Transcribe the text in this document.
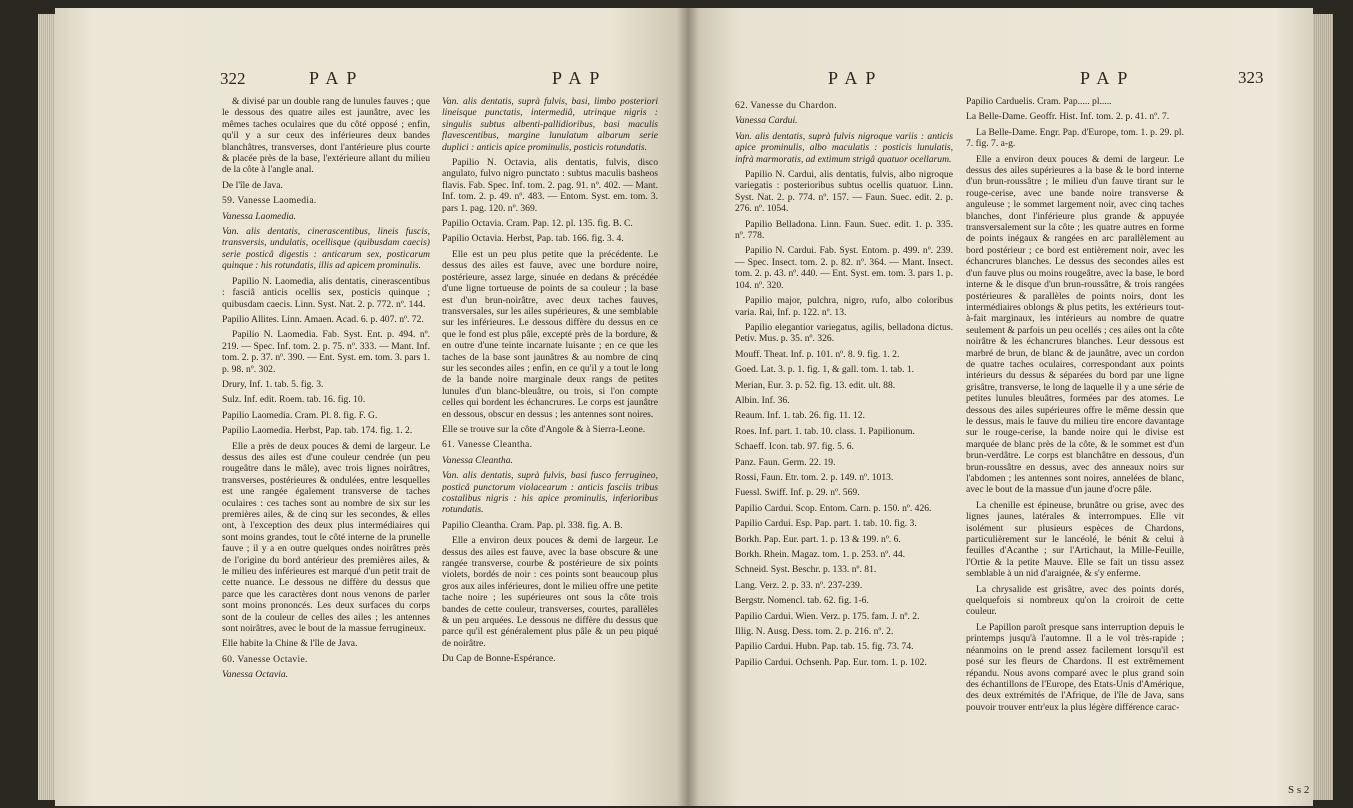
322	PAP	PAP

& divisé par un double rang de lunules fauves ; que le dessous des quatre ailes est jaunâtre, avec les mêmes taches oculaires que du côté opposé ; enfin, qu'il y a sur ceux des inférieures deux bandes blanchâtres, transverses, dont l'antérieure plus courte & placée près de la base, l'extérieure allant du milieu de la côte à l'angle anal.

De l'île de Java.

59. Vanesse Laomedia.

Vanessa Laomedia.

Van. alis dentatis, cinerascentibus, lineis fuscis, transversis, undulatis, ocellisque (quibusdam caecis) serie posticâ digestis : anticarum sex, posticarum quinque : his rotundatis, illis ad apicem prominulis.

Papilio N. Laomedia, alis dentatis, cinerascentibus : fasciâ anticis ocellis sex, posticis quinque ; quibusdam caecis. Linn. Syst. Nat. 2. p. 772. nº. 144.

Papilio Allites. Linn. Amaen. Acad. 6. p. 407. nº. 72.

Papilio N. Laomedia. Fab. Syst. Ent. p. 494. nº. 219. — Spec. Inf. tom. 2. p. 75. nº. 333. — Mant. Inf. tom. 2. p. 37. nº. 390. — Ent. Syst. em. tom. 3. pars 1. p. 98. nº. 302.

Drury, Inf. 1. tab. 5. fig. 3.

Sulz. Inf. edit. Roem. tab. 16. fig. 10.

Papilio Laomedia. Cram. Pl. 8. fig. F. G.

Papilio Laomedia. Herbst, Pap. tab. 174. fig. 1. 2.

Elle a près de deux pouces & demi de largeur. Le dessus des ailes est d'une couleur cendrée (un peu rougeâtre dans le mâle), avec trois lignes noirâtres, transverses, postérieures & ondulées, entre lesquelles est une rangée également transverse de taches oculaires : ces taches sont au nombre de six sur les premières ailes, & de cinq sur les secondes, & elles ont, à l'exception des deux plus intermédiaires qui sont moins grandes, tout le côté interne de la prunelle fauve ; il y a en outre quelques ondes noirâtres près de l'origine du bord antérieur des premières ailes, & le milieu des inférieures est marqué d'un petit trait de cette nuance. Le dessous ne diffère du dessus que parce que les caractères dont nous venons de parler sont moins prononcés. Les deux surfaces du corps sont de la couleur de celles des ailes ; les antennes sont noirâtres, avec le bout de la massue ferrugineux.

Elle habite la Chine & l'île de Java.

60. Vanesse Octavie.

Vanessa Octavia.

Van. alis dentatis, suprà fulvis, basi, limbo posteriori lineisque punctatis, intermediâ, utrinque nigris : singulis subtus albenti-pallidioribus, basi maculis flavescentibus, margine lunulatum albarum serie duplici : anticis apice prominulis, posticis rotundatis.

Papilio N. Octavia, alis dentatis, fulvis, disco angulato, fulvo nigro punctato : subtus maculis basheos flavis. Fab. Spec. Inf. tom. 2. pag. 91. nº. 402. — Mant. Inf. tom. 2. p. 49. nº. 483. — Entom. Syst. em. tom. 3. pars 1. pag. 120. nº. 369.

Papilio Octavia. Cram. Pap. 12. pl. 135. fig. B. C.

Papilio Octavia. Herbst, Pap. tab. 166. fig. 3. 4.

Elle est un peu plus petite que la précédente. Le dessus des ailes est fauve, avec une bordure noire, postérieure, assez large, sinuée en dedans & précédée d'une ligne tortueuse de points de sa couleur ; la base est d'un brun-noirâtre, avec deux taches fauves, transversales, sur les ailes supérieures, & une semblable sur les inférieures. Le dessous diffère du dessus en ce que le fond est plus pâle, excepté près de la bordure, & en outre d'une teinte incarnate luisante ; en ce que les taches de la base sont jaunâtres & au nombre de cinq sur les secondes ailes ; enfin, en ce qu'il y a tout le long de la bande noire marginale deux rangs de petites lunules d'un blanc-bleuâtre, ou trois, si l'on compte celles qui bordent les échancrures. Le corps est jaunâtre en dessous, obscur en dessus ; les antennes sont noires.

Elle se trouve sur la côte d'Angole & à Sierra-Leone.

61. Vanesse Cleantha.

Vanessa Cleantha.

Van. alis dentatis, suprà fulvis, basi fusco ferrugineo, posticâ punctorum violacearum : anticis fasciis tribus costalibus nigris : his apice prominulis, inferioribus rotundatis.

Papilio Cleantha. Cram. Pap. pl. 338. fig. A. B.

Elle a environ deux pouces & demi de largeur. Le dessus des ailes est fauve, avec la base obscure & une rangée transverse, courbe & postérieure de six points violets, bordés de noir : ces points sont beaucoup plus gros aux ailes inférieures, dont le milieu offre une petite tache noire ; les supérieures ont sous la côte trois bandes de cette couleur, transverses, courtes, parallèles & un peu arquées. Le dessous ne diffère du dessus que parce qu'il est généralement plus pâle & un peu piqué de noirâtre.

Du Cap de Bonne-Espérance.

PAP	PAP	323

62. Vanesse du Chardon.

Vanessa Cardui.

Van. alis dentatis, suprà fulvis nigroque variis : anticis apice prominulis, albo maculatis : posticis lunulatis, infrà marmoratis, ad extimum strigâ quatuor ocellarum.

Papilio N. Cardui, alis dentatis, fulvis, albo nigroque variegatis : posterioribus subtus ocellis quatuor. Linn. Syst. Nat. 2. p. 774. nº. 157. — Faun. Suec. edit. 2. p. 276. nº. 1054.

Papilio Belladona. Linn. Faun. Suec. edit. 1. p. 335. nº. 778.

Papilio N. Cardui. Fab. Syst. Entom. p. 499. nº. 239. — Spec. Insect. tom. 2. p. 82. nº. 364. — Mant. Insect. tom. 2. p. 43. nº. 440. — Ent. Syst. em. tom. 3. pars 1. p. 104. nº. 320.

Papilio major, pulchra, nigro, rufo, albo coloribus varia. Rai, Inf. p. 122. nº. 13.

Papilio elegantior variegatus, agilis, belladona dictus. Petiv. Mus. p. 35. nº. 326.

Mouff. Theat. Inf. p. 101. nº. 8. 9. fig. 1. 2.

Goed. Lat. 3. p. 1. fig. 1, & gall. tom. 1. tab. 1.

Merian, Eur. 3. p. 52. fig. 13. edit. ult. 88.

Albin. Inf. 36.

Reaum. Inf. 1. tab. 26. fig. 11. 12.

Roes. Inf. part. 1. tab. 10. class. 1. Papilionum.

Schaeff. Icon. tab. 97. fig. 5. 6.

Panz. Faun. Germ. 22. 19.

Rossi, Faun. Etr. tom. 2. p. 149. nº. 1013.

Fuessl. Swiff. Inf. p. 29. nº. 569.

Papilio Cardui. Scop. Entom. Carn. p. 150. nº. 426.

Papilio Cardui. Esp. Pap. part. 1. tab. 10. fig. 3.

Borkh. Pap. Eur. part. 1. p. 13 & 199. nº. 6.

Borkh. Rhein. Magaz. tom. 1. p. 253. nº. 44.

Schneid. Syst. Beschr. p. 133. nº. 81.

Lang. Verz. 2. p. 33. nº. 237-239.

Bergstr. Nomencl. tab. 62. fig. 1-6.

Papilio Cardui. Wien. Verz. p. 175. fam. J. nº. 2.

Illig. N. Ausg. Dess. tom. 2. p. 216. nº. 2.

Papilio Cardui. Hubn. Pap. tab. 15. fig. 73. 74.

Papilio Cardui. Ochsenh. Pap. Eur. tom. 1. p. 102.

Papilio Carduelis. Cram. Pap..... pl.....

La Belle-Dame. Geoffr. Hist. Inf. tom. 2. p. 41. nº. 7.

La Belle-Dame. Engr. Pap. d'Europe, tom. 1. p. 29. pl. 7. fig. 7. a-g.

Elle a environ deux pouces & demi de largeur. Le dessus des ailes supérieures a la base & le bord interne d'un brun-roussâtre ; le milieu d'un fauve tirant sur le rouge-cerise, avec une bande noire transverse & anguleuse ; le sommet largement noir, avec cinq taches blanches, dont l'inférieure plus grande & appuyée transversalement sur la côte ; les quatre autres en forme de points inégaux & rangées en arc parallèlement au bord postérieur ; ce bord est entièrement noir, avec les échancrures blanches. Le dessus des secondes ailes est d'un fauve plus ou moins rougeâtre, avec la base, le bord interne & le disque d'un brun-roussâtre, & trois rangées postérieures & parallèles de points noirs, dont les intermédiaires oblongs & plus petits, les extérieurs tout-à-fait marginaux, les intérieurs au nombre de quatre seulement & parfois un peu ocellés ; ces ailes ont la côte noirâtre & les échancrures blanches. Leur dessous est marbré de brun, de blanc & de jaunâtre, avec un cordon de quatre taches oculaires, correspondant aux points intérieurs du dessus & séparées du bord par une ligne grisâtre, transverse, le long de laquelle il y a une série de petites lunules bleuâtres, formées par des atomes. Le dessous des ailes supérieures offre le même dessin que le dessus, mais le fauve du milieu tire encore davantage sur le rouge-cerise, la bande noire qui le divise est marquée de blanc près de la côte, & le sommet est d'un brun-verdâtre. Le corps est blanchâtre en dessous, d'un brun-roussâtre en dessus, avec des anneaux noirs sur l'abdomen ; les antennes sont noires, annelées de blanc, avec le bout de la massue d'un jaune d'ocre pâle.

La chenille est épineuse, brunâtre ou grise, avec des lignes jaunes, latérales & interrompues. Elle vit isolément sur plusieurs espèces de Chardons, particulièrement sur le lancéolé, le bénit & celui à feuilles d'Acanthe ; sur l'Artichaut, la Mille-Feuille, l'Ortie & la petite Mauve. Elle se fait un tissu assez semblable à un nid d'araignée, & s'y enferme.

La chrysalide est grisâtre, avec des points dorés, quelquefois si nombreux qu'on la croiroit de cette couleur.

Le Papillon paroît presque sans interruption depuis le printemps jusqu'à l'automne. Il a le vol très-rapide ; néanmoins on le prend assez facilement lorsqu'il est posé sur les fleurs de Chardons. Il est extrêmement répandu. Nous avons comparé avec le plus grand soin des échantillons de l'Europe, des Etats-Unis d'Amérique, des deux extrémités de l'Afrique, de l'île de Java, sans pouvoir trouver entr'eux la plus légère différence carac-

S s 2
